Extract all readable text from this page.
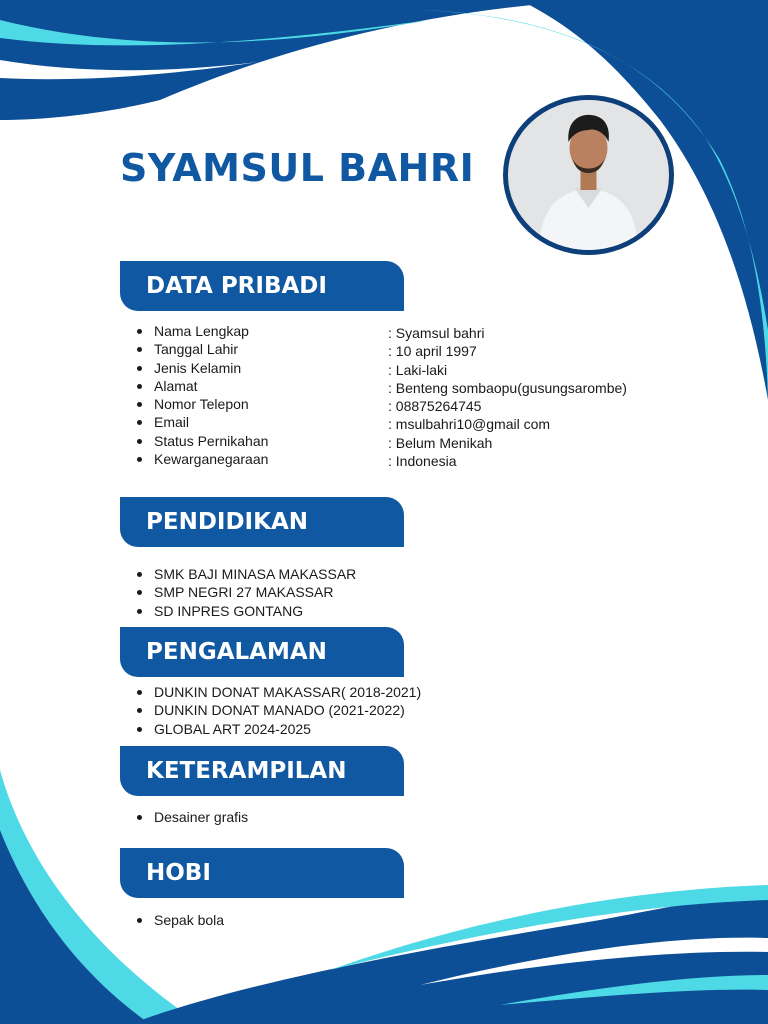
SYAMSUL BAHRI
DATA PRIBADI
Nama Lengkap
Tanggal Lahir
Jenis Kelamin
Alamat
Nomor Telepon
Email
Status Pernikahan
Kewarganegaraan
: Syamsul bahri
: 10 april 1997
: Laki-laki
: Benteng sombaopu(gusungsarombe)
: 08875264745
: msulbahri10@gmail com
: Belum Menikah
: Indonesia
PENDIDIKAN
SMK BAJI MINASA MAKASSAR
SMP NEGRI 27 MAKASSAR
SD INPRES GONTANG
PENGALAMAN
DUNKIN DONAT MAKASSAR( 2018-2021)
DUNKIN DONAT MANADO (2021-2022)
GLOBAL ART 2024-2025
KETERAMPILAN
Desainer grafis
HOBI
Sepak bola
